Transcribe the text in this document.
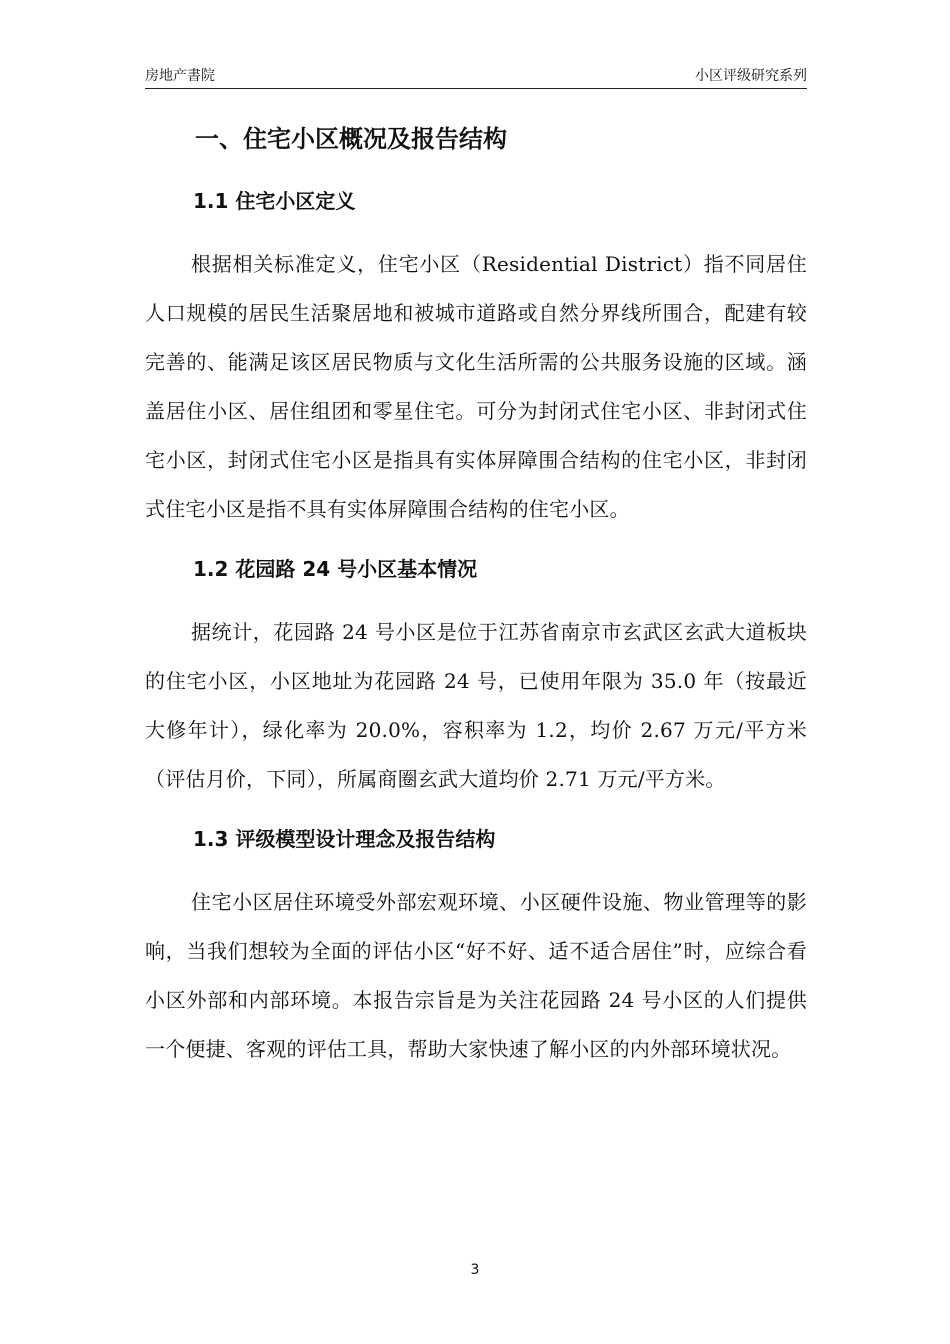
房地产書院	小区评级研究系列
一、住宅小区概况及报告结构
1.1 住宅小区定义

根据相关标准定义，住宅小区（Residential District）指不同居住人口规模的居民生活聚居地和被城市道路或自然分界线所围合，配建有较完善的、能满足该区居民物质与文化生活所需的公共服务设施的区域。涵盖居住小区、居住组团和零星住宅。可分为封闭式住宅小区、非封闭式住宅小区，封闭式住宅小区是指具有实体屏障围合结构的住宅小区，非封闭式住宅小区是指不具有实体屏障围合结构的住宅小区。

1.2 花园路 24 号小区基本情况

据统计，花园路 24 号小区是位于江苏省南京市玄武区玄武大道板块的住宅小区，小区地址为花园路 24 号，已使用年限为 35.0 年（按最近大修年计），绿化率为 20.0%，容积率为 1.2，均价 2.67 万元/平方米（评估月价，下同），所属商圈玄武大道均价 2.71 万元/平方米。

1.3 评级模型设计理念及报告结构

住宅小区居住环境受外部宏观环境、小区硬件设施、物业管理等的影响，当我们想较为全面的评估小区“好不好、适不适合居住”时，应综合看小区外部和内部环境。本报告宗旨是为关注花园路 24 号小区的人们提供一个便捷、客观的评估工具，帮助大家快速了解小区的内外部环境状况。

3
